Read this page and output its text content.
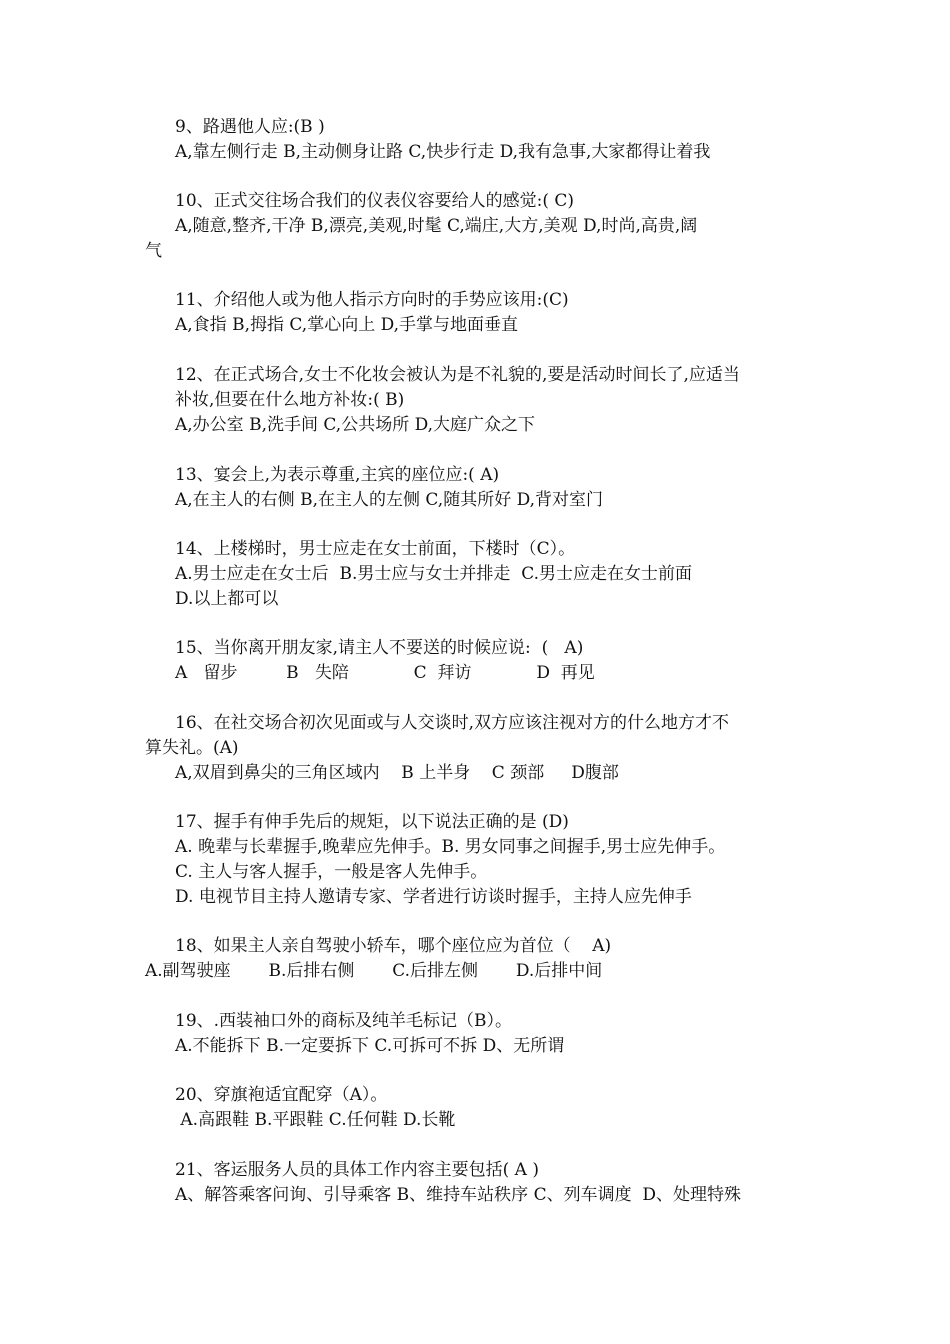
9、路遇他人应:(B )
A,靠左侧行走 B,主动侧身让路 C,快步行走 D,我有急事,大家都得让着我
10、正式交往场合我们的仪表仪容要给人的感觉:( C)
A,随意,整齐,干净 B,漂亮,美观,时髦 C,端庄,大方,美观 D,时尚,高贵,阔
气
11、介绍他人或为他人指示方向时的手势应该用:(C)
A,食指 B,拇指 C,掌心向上 D,手掌与地面垂直
12、在正式场合,女士不化妆会被认为是不礼貌的,要是活动时间长了,应适当
补妆,但要在什么地方补妆:( B)
A,办公室 B,洗手间 C,公共场所 D,大庭广众之下
13、宴会上,为表示尊重,主宾的座位应:( A)
A,在主人的右侧 B,在主人的左侧 C,随其所好 D,背对室门
14、上楼梯时，男士应走在女士前面，下楼时（C）。
A.男士应走在女士后  B.男士应与女士并排走  C.男士应走在女士前面
D.以上都可以
15、当你离开朋友家,请主人不要送的时候应说:  (   A)
A   留步         B   失陪            C  拜访            D  再见
16、在社交场合初次见面或与人交谈时,双方应该注视对方的什么地方才不
算失礼。(A)
A,双眉到鼻尖的三角区域内    B 上半身    C 颈部     D腹部
17、握手有伸手先后的规矩，以下说法正确的是 (D)
A. 晚辈与长辈握手,晚辈应先伸手。B. 男女同事之间握手,男士应先伸手。
C. 主人与客人握手，一般是客人先伸手。
D. 电视节目主持人邀请专家、学者进行访谈时握手，主持人应先伸手
18、如果主人亲自驾驶小轿车，哪个座位应为首位（    A)
A.副驾驶座       B.后排右侧       C.后排左侧       D.后排中间
19、.西装袖口外的商标及纯羊毛标记（B）。
A.不能拆下 B.一定要拆下 C.可拆可不拆 D、无所谓
20、穿旗袍适宜配穿（A）。
A.高跟鞋 B.平跟鞋 C.任何鞋 D.长靴
21、客运服务人员的具体工作内容主要包括( A )
A、解答乘客问询、引导乘客 B、维持车站秩序 C、列车调度  D、处理特殊
